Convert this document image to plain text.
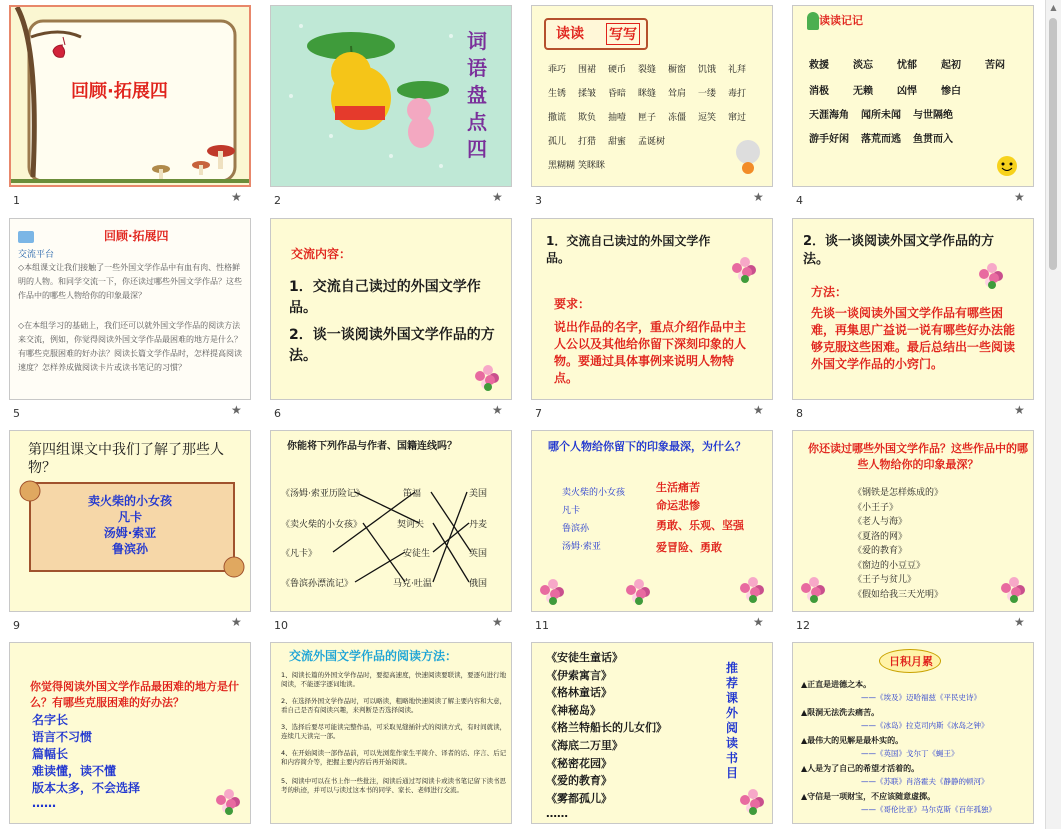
回顾·拓展四
1	★
词
语
盘
点
四
2	★
读读 写写
乖巧 围裙 硬币 裂缝 橱窗 饥饿 礼拜
生锈 揉皱 昏暗 眯缝 耸肩 一缕 毒打
撒谎 欺负 抽噎 匣子 冻僵 逗笑 窜过
孤儿 打猎 甜蜜 孟诞树
黑糊糊 笑眯眯
3	★
读读记记
救援 淡忘 忧郁 起初 苦闷
消极 无赖 凶悍 惨白
天涯海角 闻所未闻 与世隔绝
游手好闲 落荒而逃 鱼贯而入
4	★
回顾·拓展四
交流平台
◇本组课文让我们接触了一些外国文学作品中有血有肉、性格鲜明的人物。和同学交流一下，你还读过哪些外国文学作品？这些作品中的哪些人物给你的印象最深？
◇在本组学习的基础上，我们还可以就外国文学作品的阅读方法来交流，例如，你觉得阅读外国文学作品最困难的地方是什么？有哪些克服困难的好办法？阅读长篇文学作品时，怎样提高阅读速度？怎样养成做阅读卡片或读书笔记的习惯？
5	★
交流内容：
1．交流自己读过的外国文学作品。
2．谈一谈阅读外国文学作品的方法。
6	★
1．交流自己读过的外国文学作品。
要求：
说出作品的名字，重点介绍作品中主人公以及其他给你留下深刻印象的人物。要通过具体事例来说明人物特点。
7	★
2．谈一谈阅读外国文学作品的方法。
方法：
先谈一谈阅读外国文学作品有哪些困难，再集思广益说一说有哪些好办法能够克服这些困难。最后总结出一些阅读外国文学作品的小窍门。
8	★
第四组课文中我们了解了那些人物？
卖火柴的小女孩
凡卡
汤姆·索亚
鲁滨孙
9	★
你能将下列作品与作者、国籍连线吗？
《汤姆·索亚历险记》
《卖火柴的小女孩》
《凡卡》
《鲁滨孙漂流记》
笛福
契诃夫
安徒生
马克·吐温
美国
丹麦
英国
俄国
10	★
哪个人物给你留下的印象最深，为什么？
卖火柴的小女孩
凡卡
鲁滨孙
汤姆·索亚
生活痛苦
命运悲惨
勇敢、乐观、坚强
爱冒险、勇敢
11	★
你还读过哪些外国文学作品？这些作品中的哪些人物给你的印象最深？
《钢铁是怎样炼成的》
《小王子》
《老人与海》
《夏洛的网》
《爱的教育》
《窗边的小豆豆》
《王子与贫儿》
《假如给我三天光明》
12	★
你觉得阅读外国文学作品最困难的地方是什么？有哪些克服困难的好办法？
名字长
语言不习惯
篇幅长
难读懂，读不懂
版本太多，不会选择
……
交流外国文学作品的阅读方法：
1、阅读长篇的外国文学作品时，要提高速度，快速阅读要联读，要逐句进行地阅读，不能逐字逐词地读。
2、在选择外国文学作品时，可以略读，粗略地快速阅读了解主要内容和大意，看自己是否有阅读兴趣，来判断是否选择阅读。
3、选择后要尽可能读完整作品，可采取见缝插针式的阅读方式，有时间就读，连续几天读完一部。
4、在开始阅读一部作品前，可以先浏览作家生平简介、译者的话、序言、后记和内容简介等，把握主要内容后再开始阅读。
5、阅读中可以在书上作一些批注，阅读后通过写阅读卡或读书笔记留下读书思考的轨迹，并可以与读过这本书的同学、家长、老师进行交流。
《安徒生童话》
《伊索寓言》
《格林童话》
《神秘岛》
《格兰特船长的儿女们》
《海底二万里》
《秘密花园》
《爱的教育》
《雾都孤儿》
……
推荐课外阅读书目
日积月累
▲正直是进德之本。
——《埃及》迈哈福兹《平民史诗》
▲限洞无法洗去痛苦。
——《冰岛》拉克司内斯《冰岛之钟》
▲最伟大的见解是最朴实的。
——《英国》戈尔丁《蝇王》
▲人是为了自己的希望才活着的。
——《苏联》肖洛霍夫《静静的顿河》
▲守信是一项财宝，不应该随意虚掷。
——《哥伦比亚》马尔克斯《百年孤独》
▲
